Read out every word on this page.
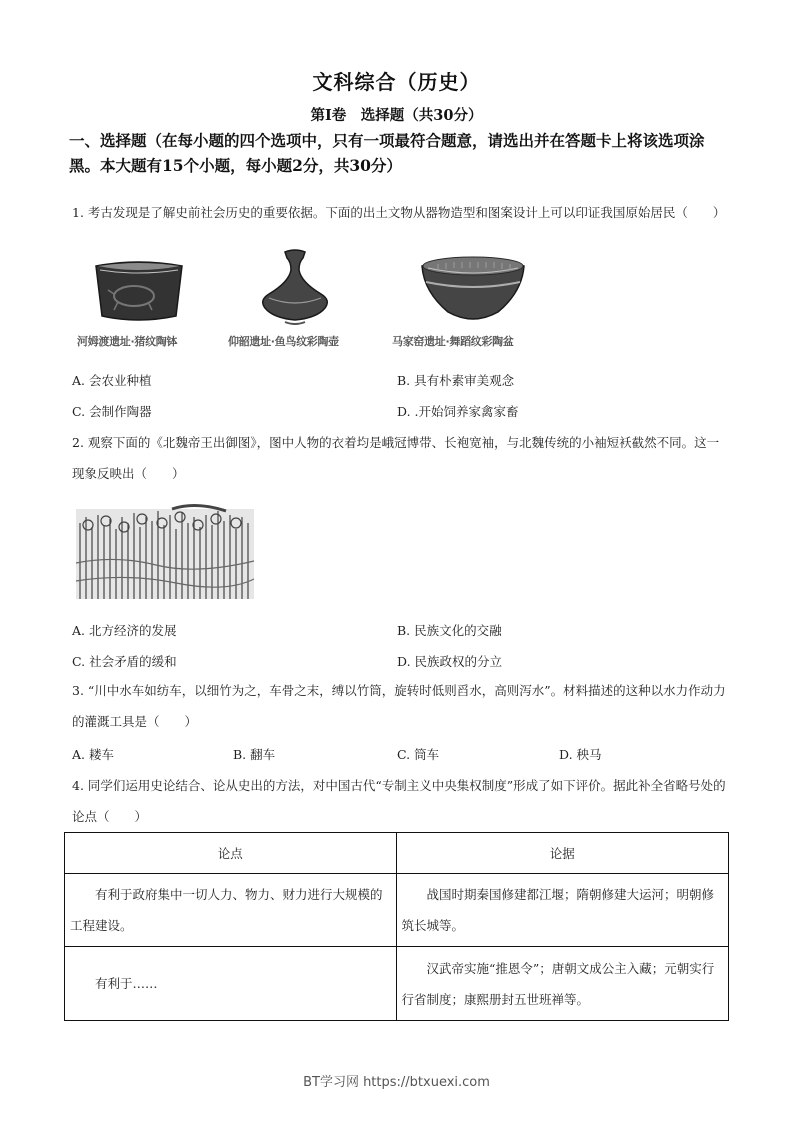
文科综合（历史）
第I卷　选择题（共30分）
一、选择题（在每小题的四个选项中，只有一项最符合题意，请选出并在答题卡上将该选项涂黑。本大题有15个小题，每小题2分，共30分）
1. 考古发现是了解史前社会历史的重要依据。下面的出土文物从器物造型和图案设计上可以印证我国原始居民（　　）
河姆渡遗址·猪纹陶钵	仰韶遗址·鱼鸟纹彩陶壶	马家窑遗址·舞蹈纹彩陶盆
A. 会农业种植	B. 具有朴素审美观念
C. 会制作陶器	D. .开始饲养家禽家畜
2. 观察下面的《北魏帝王出御图》，图中人物的衣着均是峨冠博带、长袍宽袖，与北魏传统的小袖短袄截然不同。这一现象反映出（　　）
A. 北方经济的发展	B. 民族文化的交融
C. 社会矛盾的缓和	D. 民族政权的分立
3. “川中水车如纺车，以细竹为之，车骨之末，缚以竹筒，旋转时低则舀水，高则泻水”。材料描述的这种以水力作动力的灌溉工具是（　　）
A. 耧车	B. 翻车	C. 筒车	D. 秧马
4. 同学们运用史论结合、论从史出的方法，对中国古代“专制主义中央集权制度”形成了如下评价。据此补全省略号处的论点（　　）
论点	论据
有利于政府集中一切人力、物力、财力进行大规模的工程建设。	战国时期秦国修建都江堰；隋朝修建大运河；明朝修筑长城等。
有利于……	汉武帝实施“推恩令”；唐朝文成公主入藏；元朝实行行省制度；康熙册封五世班禅等。
BT学习网 https://btxuexi.com
